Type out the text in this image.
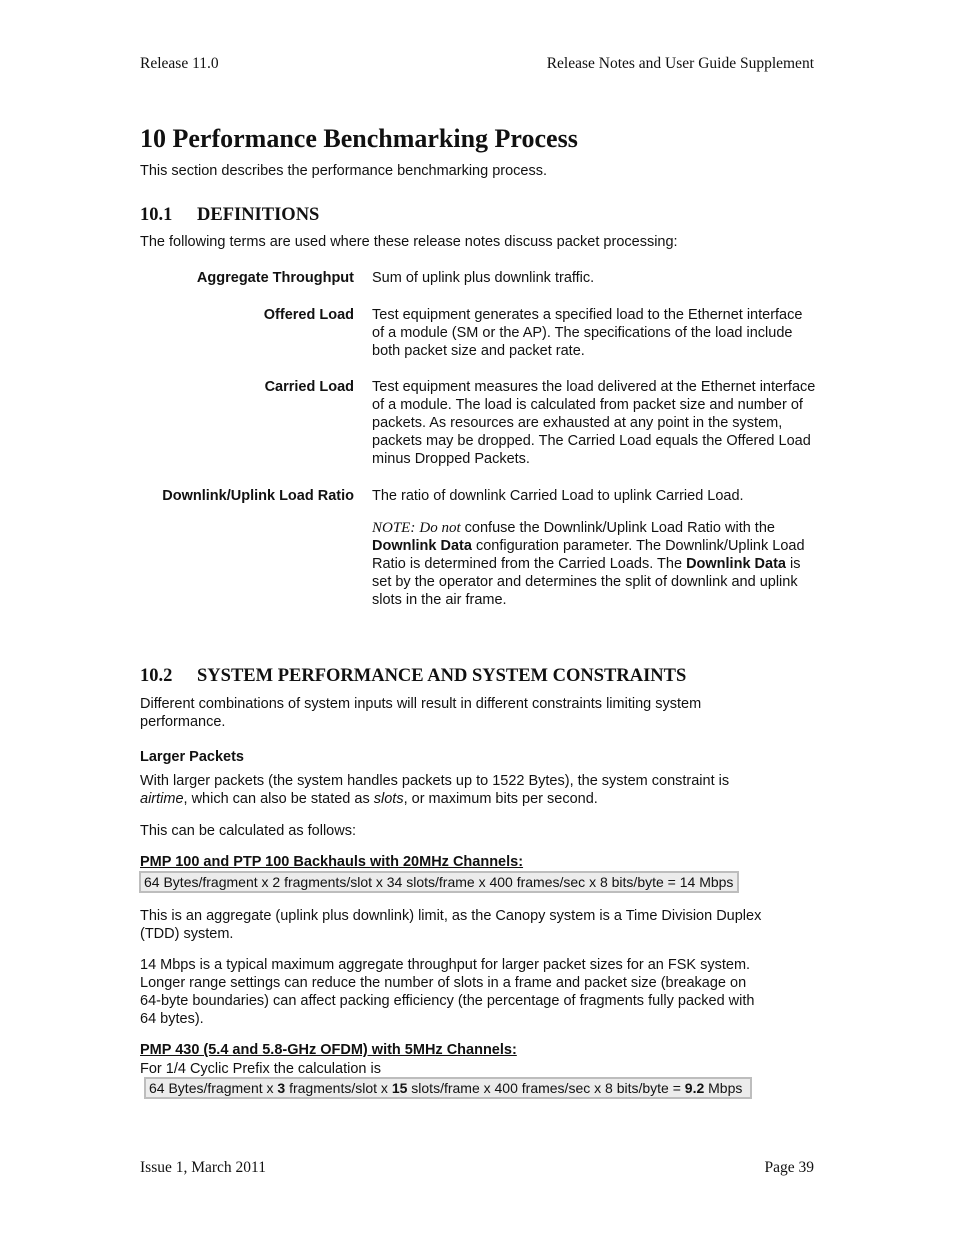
Release 11.0	Release Notes and User Guide Supplement
10 Performance Benchmarking Process
This section describes the performance benchmarking process.
10.1 DEFINITIONS
The following terms are used where these release notes discuss packet processing:
Aggregate Throughput Sum of uplink plus downlink traffic.
Offered Load Test equipment generates a specified load to the Ethernet interface
of a module (SM or the AP). The specifications of the load include
both packet size and packet rate.
Carried Load Test equipment measures the load delivered at the Ethernet interface
of a module. The load is calculated from packet size and number of
packets. As resources are exhausted at any point in the system,
packets may be dropped. The Carried Load equals the Offered Load
minus Dropped Packets.
Downlink/Uplink Load Ratio The ratio of downlink Carried Load to uplink Carried Load.
NOTE: Do not confuse the Downlink/Uplink Load Ratio with the
Downlink Data configuration parameter. The Downlink/Uplink Load
Ratio is determined from the Carried Loads. The Downlink Data is
set by the operator and determines the split of downlink and uplink
slots in the air frame.
10.2 SYSTEM PERFORMANCE AND SYSTEM CONSTRAINTS
Different combinations of system inputs will result in different constraints limiting system
performance.
Larger Packets
With larger packets (the system handles packets up to 1522 Bytes), the system constraint is
airtime, which can also be stated as slots, or maximum bits per second.
This can be calculated as follows:
PMP 100 and PTP 100 Backhauls with 20MHz Channels:
64 Bytes/fragment x 2 fragments/slot x 34 slots/frame x 400 frames/sec x 8 bits/byte = 14 Mbps
This is an aggregate (uplink plus downlink) limit, as the Canopy system is a Time Division Duplex
(TDD) system.
14 Mbps is a typical maximum aggregate throughput for larger packet sizes for an FSK system.
Longer range settings can reduce the number of slots in a frame and packet size (breakage on
64-byte boundaries) can affect packing efficiency (the percentage of fragments fully packed with
64 bytes).
PMP 430 (5.4 and 5.8-GHz OFDM) with 5MHz Channels:
For 1/4 Cyclic Prefix the calculation is
64 Bytes/fragment x 3 fragments/slot x 15 slots/frame x 400 frames/sec x 8 bits/byte = 9.2 Mbps
Issue 1, March 2011	Page 39
